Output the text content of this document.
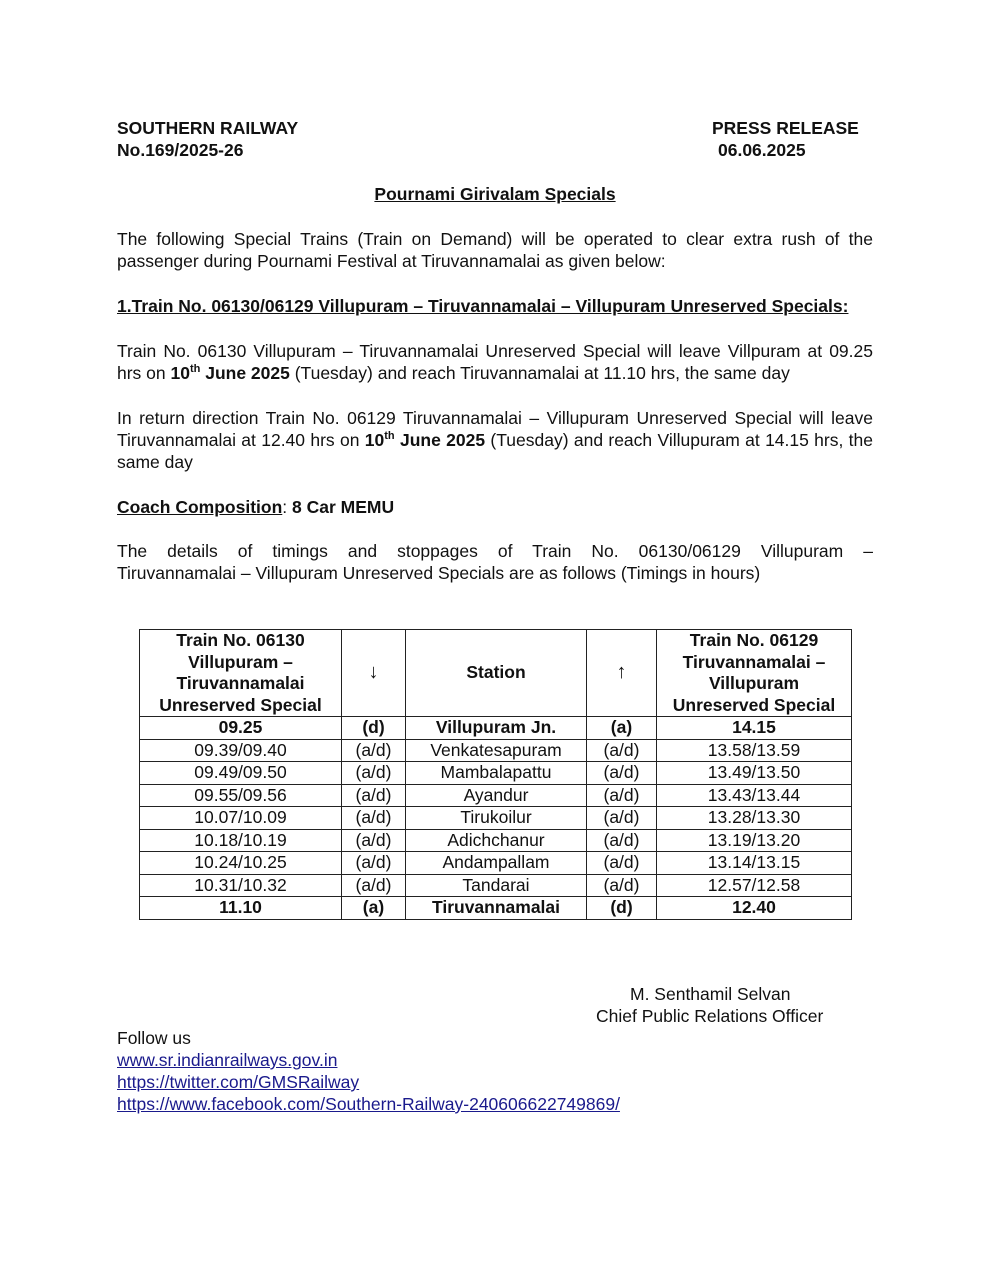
SOUTHERN RAILWAY
No.169/2025-26
PRESS RELEASE
06.06.2025
Pournami Girivalam Specials

The following Special Trains (Train on Demand) will be operated to clear extra rush of the passenger during Pournami Festival at Tiruvannamalai as given below:

1.Train No. 06130/06129 Villupuram – Tiruvannamalai – Villupuram Unreserved Specials:

Train No. 06130 Villupuram – Tiruvannamalai Unreserved Special will leave Villpuram at 09.25 hrs on 10th June 2025 (Tuesday) and reach Tiruvannamalai at 11.10 hrs, the same day

In return direction Train No. 06129 Tiruvannamalai – Villupuram Unreserved Special will leave Tiruvannamalai at 12.40 hrs on 10th June 2025 (Tuesday) and reach Villupuram at 14.15 hrs, the same day

Coach Composition: 8 Car MEMU
The details of timings and stoppages of Train No. 06130/06129 Villupuram –
Tiruvannamalai – Villupuram Unreserved Specials are as follows (Timings in hours)
Train No. 06130 Villupuram – Tiruvannamalai Unreserved Special	↓	Station	↑	Train No. 06129 Tiruvannamalai – Villupuram Unreserved Special
09.25	(d)	Villupuram Jn.	(a)	14.15
09.39/09.40	(a/d)	Venkatesapuram	(a/d)	13.58/13.59
09.49/09.50	(a/d)	Mambalapattu	(a/d)	13.49/13.50
09.55/09.56	(a/d)	Ayandur	(a/d)	13.43/13.44
10.07/10.09	(a/d)	Tirukoilur	(a/d)	13.28/13.30
10.18/10.19	(a/d)	Adichchanur	(a/d)	13.19/13.20
10.24/10.25	(a/d)	Andampallam	(a/d)	13.14/13.15
10.31/10.32	(a/d)	Tandarai	(a/d)	12.57/12.58
11.10	(a)	Tiruvannamalai	(d)	12.40
M. Senthamil Selvan
Chief Public Relations Officer
Follow us
www.sr.indianrailways.gov.in
https://twitter.com/GMSRailway
https://www.facebook.com/Southern-Railway-240606622749869/
